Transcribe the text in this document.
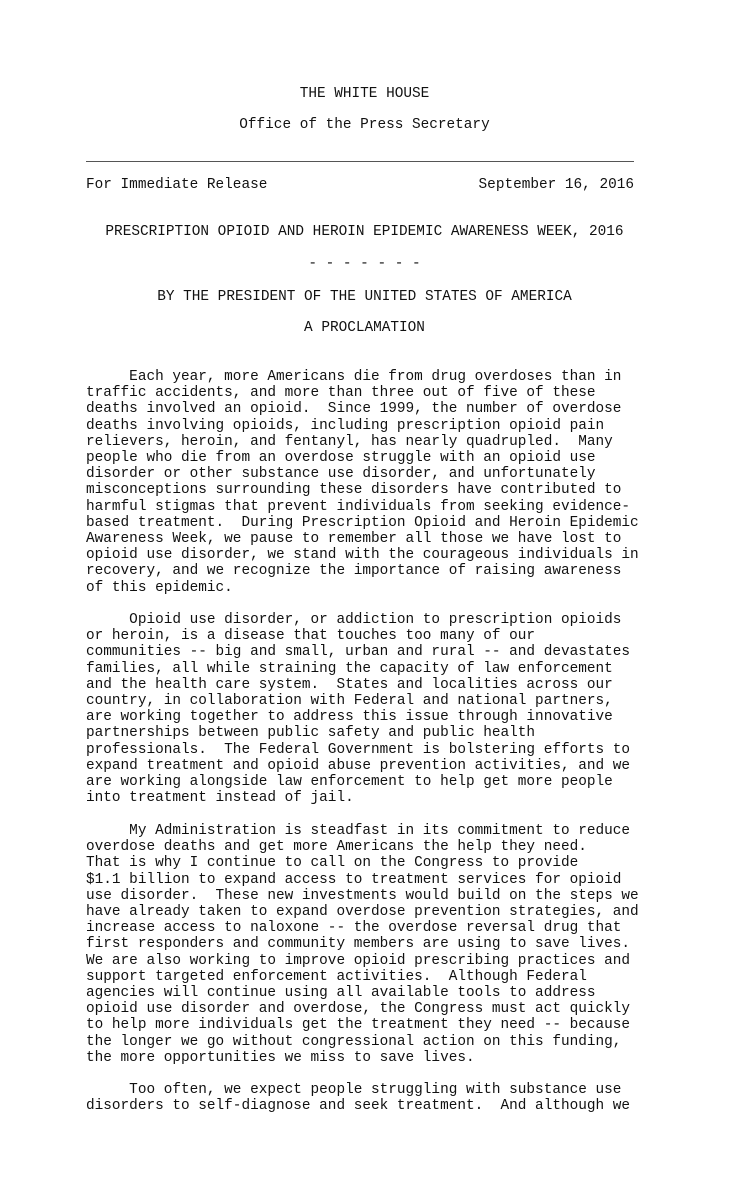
THE WHITE HOUSE
Office of the Press Secretary
For Immediate Release	September 16, 2016
PRESCRIPTION OPIOID AND HEROIN EPIDEMIC AWARENESS WEEK, 2016
- - - - - - -
BY THE PRESIDENT OF THE UNITED STATES OF AMERICA
A PROCLAMATION

Each year, more Americans die from drug overdoses than in
traffic accidents, and more than three out of five of these
deaths involved an opioid.  Since 1999, the number of overdose
deaths involving opioids, including prescription opioid pain
relievers, heroin, and fentanyl, has nearly quadrupled.  Many
people who die from an overdose struggle with an opioid use
disorder or other substance use disorder, and unfortunately
misconceptions surrounding these disorders have contributed to
harmful stigmas that prevent individuals from seeking evidence-
based treatment.  During Prescription Opioid and Heroin Epidemic
Awareness Week, we pause to remember all those we have lost to
opioid use disorder, we stand with the courageous individuals in
recovery, and we recognize the importance of raising awareness
of this epidemic.

Opioid use disorder, or addiction to prescription opioids
or heroin, is a disease that touches too many of our
communities -- big and small, urban and rural -- and devastates
families, all while straining the capacity of law enforcement
and the health care system.  States and localities across our
country, in collaboration with Federal and national partners,
are working together to address this issue through innovative
partnerships between public safety and public health
professionals.  The Federal Government is bolstering efforts to
expand treatment and opioid abuse prevention activities, and we
are working alongside law enforcement to help get more people
into treatment instead of jail.

My Administration is steadfast in its commitment to reduce
overdose deaths and get more Americans the help they need.
That is why I continue to call on the Congress to provide
$1.1 billion to expand access to treatment services for opioid
use disorder.  These new investments would build on the steps we
have already taken to expand overdose prevention strategies, and
increase access to naloxone -- the overdose reversal drug that
first responders and community members are using to save lives.
We are also working to improve opioid prescribing practices and
support targeted enforcement activities.  Although Federal
agencies will continue using all available tools to address
opioid use disorder and overdose, the Congress must act quickly
to help more individuals get the treatment they need -- because
the longer we go without congressional action on this funding,
the more opportunities we miss to save lives.

Too often, we expect people struggling with substance use
disorders to self-diagnose and seek treatment.  And although we
